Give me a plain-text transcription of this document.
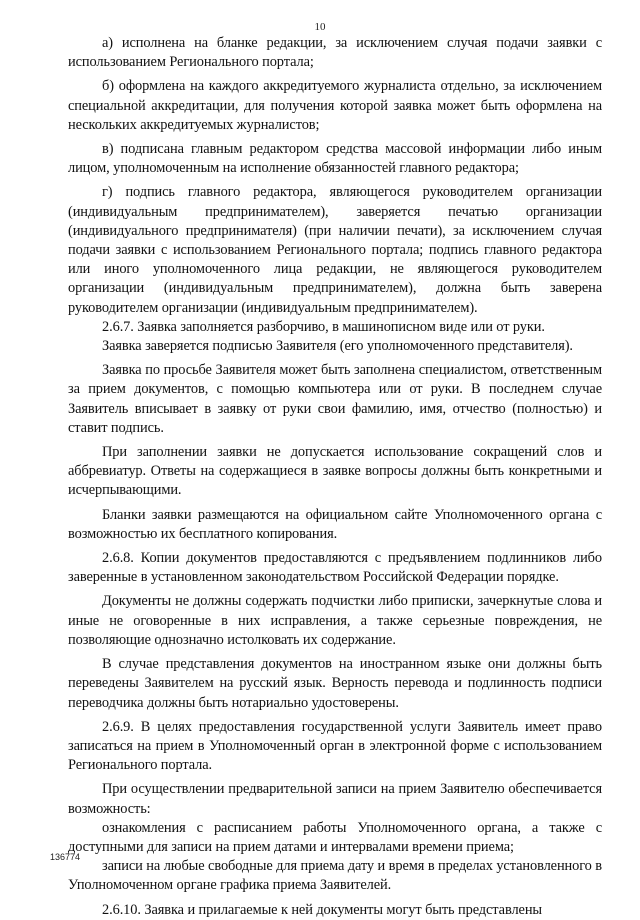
10

а) исполнена на бланке редакции, за исключением случая подачи заявки с использованием Регионального портала;

б) оформлена на каждого аккредитуемого журналиста отдельно, за исключением специальной аккредитации, для получения которой заявка может быть оформлена на нескольких аккредитуемых журналистов;

в) подписана главным редактором средства массовой информации либо иным лицом, уполномоченным на исполнение обязанностей главного редактора;

г) подпись главного редактора, являющегося руководителем организации (индивидуальным предпринимателем), заверяется печатью организации (индивидуального предпринимателя) (при наличии печати), за исключением случая подачи заявки с использованием Регионального портала; подпись главного редактора или иного уполномоченного лица редакции, не являющегося руководителем организации (индивидуальным предпринимателем), должна быть заверена руководителем организации (индивидуальным предпринимателем).

2.6.7. Заявка заполняется разборчиво, в машинописном виде или от руки.

Заявка заверяется подписью Заявителя (его уполномоченного представителя).

Заявка по просьбе Заявителя может быть заполнена специалистом, ответственным за прием документов, с помощью компьютера или от руки. В последнем случае Заявитель вписывает в заявку от руки свои фамилию, имя, отчество (полностью) и ставит подпись.

При заполнении заявки не допускается использование сокращений слов и аббревиатур. Ответы на содержащиеся в заявке вопросы должны быть конкретными и исчерпывающими.

Бланки заявки размещаются на официальном сайте Уполномоченного органа с возможностью их бесплатного копирования.

2.6.8. Копии документов предоставляются с предъявлением подлинников либо заверенные в установленном законодательством Российской Федерации порядке.

Документы не должны содержать подчистки либо приписки, зачеркнутые слова и иные не оговоренные в них исправления, а также серьезные повреждения, не позволяющие однозначно истолковать их содержание.

В случае представления документов на иностранном языке они должны быть переведены Заявителем на русский язык. Верность перевода и подлинность подписи переводчика должны быть нотариально удостоверены.

2.6.9. В целях предоставления государственной услуги Заявитель имеет право записаться на прием в Уполномоченный орган в электронной форме с использованием Регионального портала.

При осуществлении предварительной записи на прием Заявителю обеспечивается возможность:

ознакомления с расписанием работы Уполномоченного органа, а также с доступными для записи на прием датами и интервалами времени приема;

записи на любые свободные для приема дату и время в пределах установленного в Уполномоченном органе графика приема Заявителей.

2.6.10. Заявка и прилагаемые к ней документы могут быть представлены

136774
